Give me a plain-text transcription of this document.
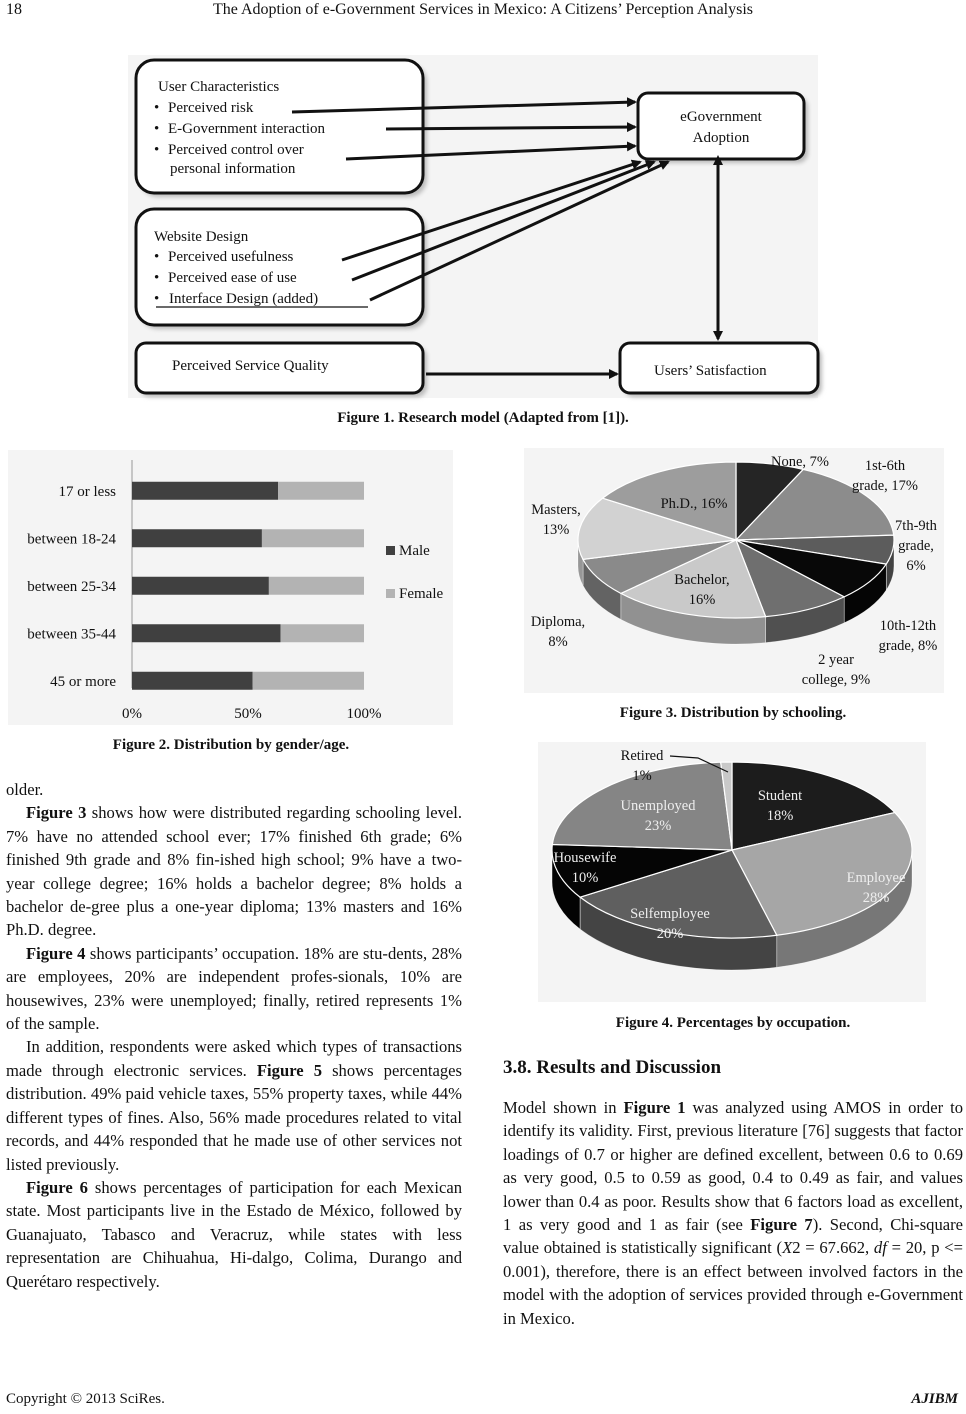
18	The Adoption of e-Government Services in Mexico: A Citizens’ Perception Analysis
User Characteristics
• Perceived risk
• E-Government interaction
• Perceived control over
personal information
Website Design
• Perceived usefulness
• Perceived ease of use
• Interface Design (added)
Perceived Service Quality
eGovernment
Adoption
Users’ Satisfaction
Figure 1. Research model (Adapted from [1]).
17 or less
between 18-24
between 25-34
between 35-44
45 or more
0%	50%	100%
Male
Female
Figure 2. Distribution by gender/age.
None, 7% 1st-6th
grade, 17%
7th-9th
grade,
6%
10th-12th
grade, 8%
2 year
college, 9%
Bachelor,
16%
Diploma,
8%
Masters,
13%
Ph.D., 16%
Figure 3. Distribution by schooling.
Student
18%
Employee
28%
Selfemployee
20%
Housewife
10%
Unemployed
23%
Retired
1%
Figure 4. Percentages by occupation.

older.

Figure 3 shows how were distributed regarding schooling level. 7% have no attended school ever; 17% finished 6th grade; 6% finished 9th grade and 8% fin-ished high school; 9% have a two-year college degree; 16% holds a bachelor degree; 8% holds a bachelor de-gree plus a one-year diploma; 13% masters and 16% Ph.D. degree.

Figure 4 shows participants’ occupation. 18% are stu-dents, 28% are employees, 20% are independent profes-sionals, 10% are housewives, 23% were unemployed; finally, retired represents 1% of the sample.

In addition, respondents were asked which types of transactions made through electronic services. Figure 5 shows percentages distribution. 49% paid vehicle taxes, 55% property taxes, while 44% different types of fines. Also, 56% made procedures related to vital records, and 44% responded that he made use of other services not listed previously.

Figure 6 shows percentages of participation for each Mexican state. Most participants live in the Estado de México, followed by Guanajuato, Tabasco and Veracruz, while states with less representation are Chihuahua, Hi-dalgo, Colima, Durango and Querétaro respectively.

3.8. Results and Discussion

Model shown in Figure 1 was analyzed using AMOS in order to identify its validity. First, previous literature [76] suggests that factor loadings of 0.7 or higher are defined excellent, between 0.6 to 0.69 as very good, 0.5 to 0.59 as good, 0.4 to 0.49 as fair, and values lower than 0.4 as poor. Results show that 6 factors load as excellent, 1 as very good and 1 as fair (see Figure 7). Second, Chi-square value obtained is statistically significant (X2 = 67.662, df = 20, p <= 0.001), therefore, there is an effect between involved factors in the model with the adoption of services provided through e-Government in Mexico.

Copyright © 2013 SciRes.	AJIBM
